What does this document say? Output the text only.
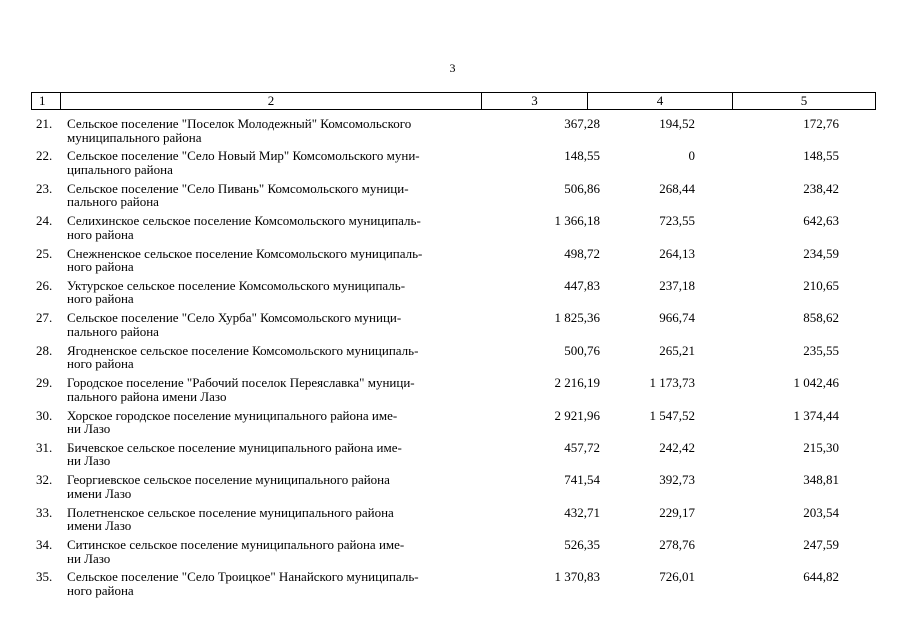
3
1	2	3	4	5
21. Сельское поселение "Поселок Молодежный" Комсомольского
муниципального района
367,28	194,52	172,76
22. Сельское поселение "Село Новый Мир" Комсомольского муни-
ципального района
148,55	0	148,55
23. Сельское поселение "Село Пивань" Комсомольского муници-
пального района
506,86	268,44	238,42
24. Селихинское сельское поселение Комсомольского муниципаль-
ного района
1 366,18	723,55	642,63
25. Снежненское сельское поселение Комсомольского муниципаль-
ного района
498,72	264,13	234,59
26. Уктурское сельское поселение Комсомольского муниципаль-
ного района
447,83	237,18	210,65
27. Сельское поселение "Село Хурба" Комсомольского муници-
пального района
1 825,36	966,74	858,62
28. Ягодненское сельское поселение Комсомольского муниципаль-
ного района
500,76	265,21	235,55
29. Городское поселение "Рабочий поселок Переяславка" муници-
пального района имени Лазо
2 216,19	1 173,73	1 042,46
30. Хорское городское поселение муниципального района име-
ни Лазо
2 921,96	1 547,52	1 374,44
31. Бичевское сельское поселение муниципального района име-
ни Лазо
457,72	242,42	215,30
32. Георгиевское сельское поселение муниципального района
имени Лазо
741,54	392,73	348,81
33. Полетненское сельское поселение муниципального района
имени Лазо
432,71	229,17	203,54
34. Ситинское сельское поселение муниципального района име-
ни Лазо
526,35	278,76	247,59
35. Сельское поселение "Село Троицкое" Нанайского муниципаль-
ного района
1 370,83	726,01	644,82
